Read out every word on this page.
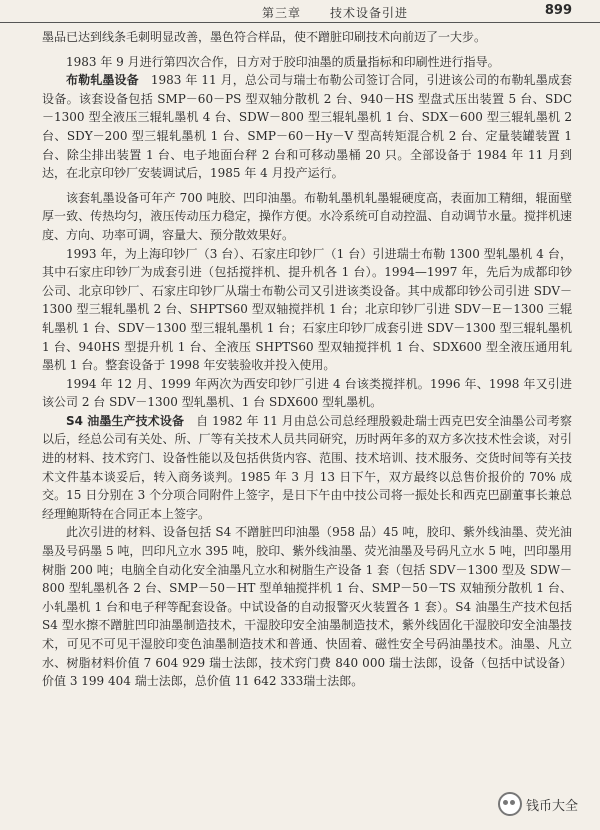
第三章 技术设备引进	899

墨品已达到线条毛刺明显改善，墨色符合样品，使不蹭脏印刷技术向前迈了一大步。

1983 年 9 月进行第四次合作，日方对于胶印油墨的质量指标和印刷性进行指导。

布勒轧墨设备　1983 年 11 月，总公司与瑞士布勒公司签订合同，引进该公司的布勒轧墨成套设备。该套设备包括 SMP－60－PS 型双轴分散机 2 台、940－HS 型盘式压出装置 5 台、SDC－1300 型全液压三辊轧墨机 4 台、SDW－800 型三辊轧墨机 1 台、SDX－600 型三辊轧墨机 2 台、SDY－200 型三辊轧墨机 1 台、SMP－60－Hy－V 型高转矩混合机 2 台、定量装罐装置 1 台、除尘排出装置 1 台、电子地面台秤 2 台和可移动墨桶 20 只。全部设备于 1984 年 11 月到达，在北京印钞厂安装调试后，1985 年 4 月投产运行。

该套轧墨设备可年产 700 吨胶、凹印油墨。布勒轧墨机轧墨辊硬度高，表面加工精细，辊面壁厚一致、传热均匀，液压传动压力稳定，操作方便。水冷系统可自动控温、自动调节水量。搅拌机速度、方向、功率可调，容量大、预分散效果好。

1993 年，为上海印钞厂（3 台）、石家庄印钞厂（1 台）引进瑞士布勒 1300 型轧墨机 4 台，其中石家庄印钞厂为成套引进（包括搅拌机、提升机各 1 台）。1994—1997 年，先后为成都印钞公司、北京印钞厂、石家庄印钞厂从瑞士布勒公司又引进该类设备。其中成都印钞公司引进 SDV－1300 型三辊轧墨机 2 台、SHPTS60 型双轴搅拌机 1 台；北京印钞厂引进 SDV－E－1300 三辊轧墨机 1 台、SDV－1300 型三辊轧墨机 1 台；石家庄印钞厂成套引进 SDV－1300 型三辊轧墨机 1 台、940HS 型提升机 1 台、全液压 SHPTS60 型双轴搅拌机 1 台、SDX600 型全液压通用轧墨机 1 台。整套设备于 1998 年安装验收并投入使用。

1994 年 12 月、1999 年两次为西安印钞厂引进 4 台该类搅拌机。1996 年、1998 年又引进该公司 2 台 SDV－1300 型轧墨机、1 台 SDX600 型轧墨机。

S4 油墨生产技术设备　自 1982 年 11 月由总公司总经理殷毅赴瑞士西克巴安全油墨公司考察以后，经总公司有关处、所、厂等有关技术人员共同研究，历时两年多的双方多次技术性会谈，对引进的材料、技术窍门、设备性能以及包括供货内容、范围、技术培训、技术服务、交货时间等有关技术文件基本谈妥后，转入商务谈判。1985 年 3 月 13 日下午，双方最终以总售价报价的 70% 成交。15 日分别在 3 个分项合同附件上签字，是日下午由中技公司将一振处长和西克巴副董事长兼总经理鲍斯特在合同正本上签字。

此次引进的材料、设备包括 S4 不蹭脏凹印油墨（958 品）45 吨，胶印、紫外线油墨、荧光油墨及号码墨 5 吨，凹印凡立水 395 吨，胶印、紫外线油墨、荧光油墨及号码凡立水 5 吨，凹印墨用树脂 200 吨；电脑全自动化安全油墨凡立水和树脂生产设备 1 套（包括 SDV－1300 型及 SDW－800 型轧墨机各 2 台、SMP－50－HT 型单轴搅拌机 1 台、SMP－50－TS 双轴预分散机 1 台、小轧墨机 1 台和电子秤等配套设备。中试设备的自动报警灭火装置各 1 套）。S4 油墨生产技术包括 S4 型水擦不蹭脏凹印油墨制造技术，干湿胶印安全油墨制造技术，紫外线固化干湿胶印安全油墨技术，可见不可见干湿胶印变色油墨制造技术和普通、快固着、磁性安全号码油墨技术。油墨、凡立水、树脂材料价值 7 604 929 瑞士法郎，技术窍门费 840 000 瑞士法郎，设备（包括中试设备）价值 3 199 404 瑞士法郎，总价值 11 642 333瑞士法郎。

钱币大全
